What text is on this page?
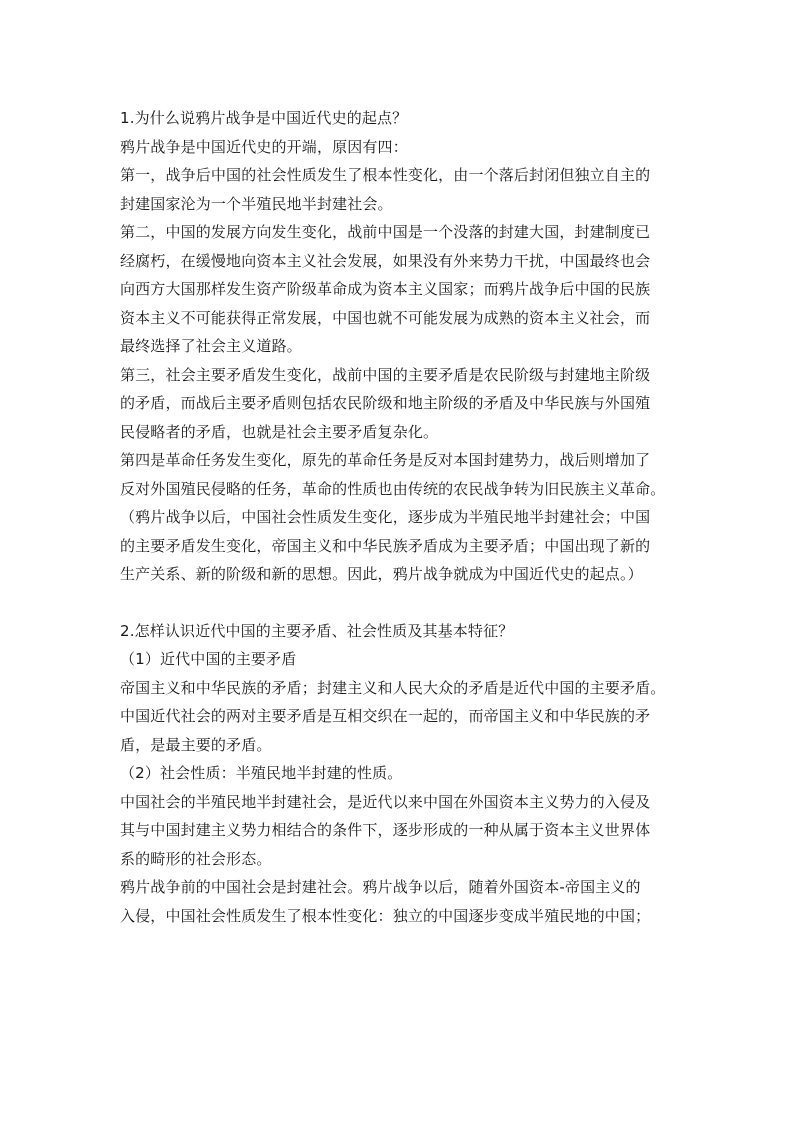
1.为什么说鸦片战争是中国近代史的起点？

鸦片战争是中国近代史的开端，原因有四：

第一，战争后中国的社会性质发生了根本性变化，由一个落后封闭但独立自主的

封建国家沦为一个半殖民地半封建社会。

第二，中国的发展方向发生变化，战前中国是一个没落的封建大国，封建制度已

经腐朽，在缓慢地向资本主义社会发展，如果没有外来势力干扰，中国最终也会

向西方大国那样发生资产阶级革命成为资本主义国家；而鸦片战争后中国的民族

资本主义不可能获得正常发展，中国也就不可能发展为成熟的资本主义社会，而

最终选择了社会主义道路。

第三，社会主要矛盾发生变化，战前中国的主要矛盾是农民阶级与封建地主阶级

的矛盾，而战后主要矛盾则包括农民阶级和地主阶级的矛盾及中华民族与外国殖

民侵略者的矛盾，也就是社会主要矛盾复杂化。

第四是革命任务发生变化，原先的革命任务是反对本国封建势力，战后则增加了

反对外国殖民侵略的任务，革命的性质也由传统的农民战争转为旧民族主义革命。

（鸦片战争以后，中国社会性质发生变化，逐步成为半殖民地半封建社会；中国

的主要矛盾发生变化，帝国主义和中华民族矛盾成为主要矛盾；中国出现了新的

生产关系、新的阶级和新的思想。因此，鸦片战争就成为中国近代史的起点。）

2.怎样认识近代中国的主要矛盾、社会性质及其基本特征？

（1）近代中国的主要矛盾

帝国主义和中华民族的矛盾；封建主义和人民大众的矛盾是近代中国的主要矛盾。

中国近代社会的两对主要矛盾是互相交织在一起的，而帝国主义和中华民族的矛

盾，是最主要的矛盾。

（2）社会性质：半殖民地半封建的性质。

中国社会的半殖民地半封建社会，是近代以来中国在外国资本主义势力的入侵及

其与中国封建主义势力相结合的条件下，逐步形成的一种从属于资本主义世界体

系的畸形的社会形态。

鸦片战争前的中国社会是封建社会。鸦片战争以后，随着外国资本-帝国主义的

入侵，中国社会性质发生了根本性变化：独立的中国逐步变成半殖民地的中国；
